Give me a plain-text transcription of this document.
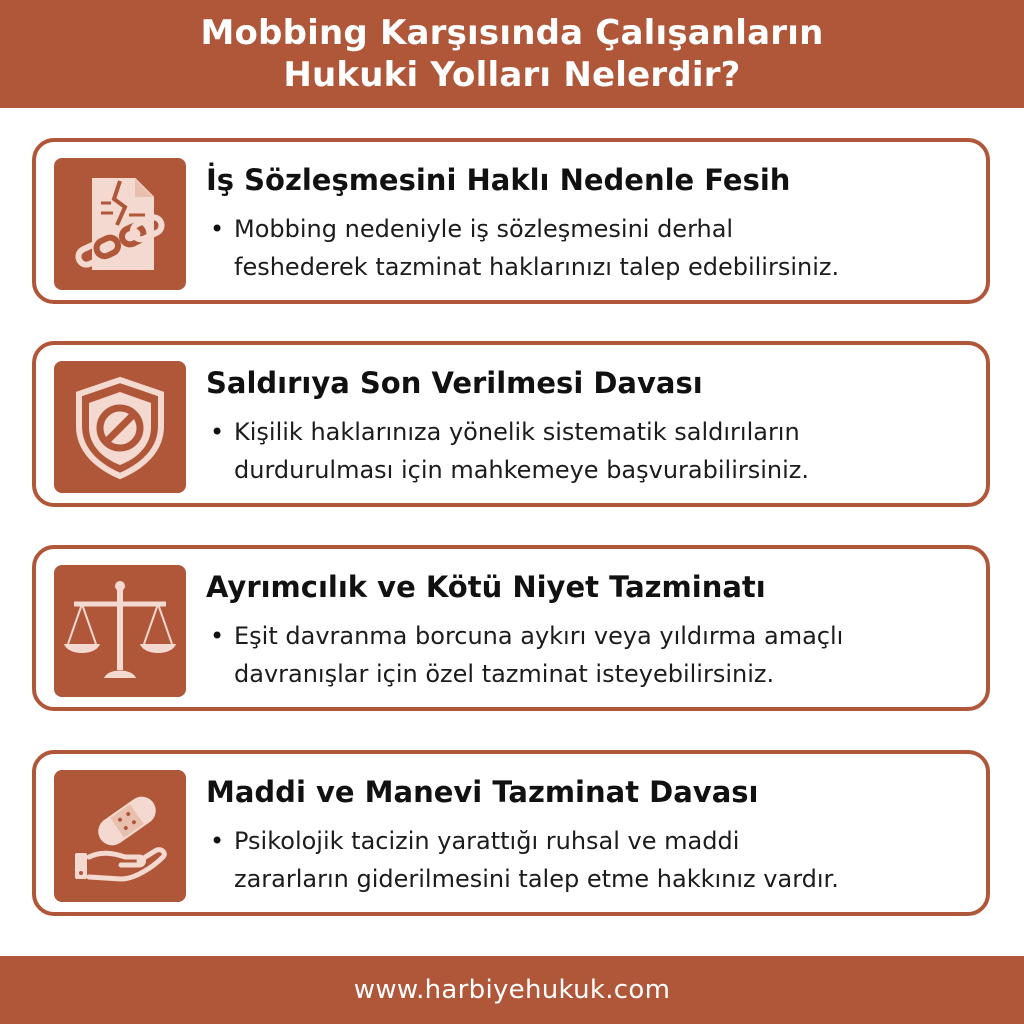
Mobbing Karşısında Çalışanların
Hukuki Yolları Nelerdir?
İş Sözleşmesini Haklı Nedenle Fesih
• Mobbing nedeniyle iş sözleşmesini derhal
feshederek tazminat haklarınızı talep edebilirsiniz.
Saldırıya Son Verilmesi Davası
• Kişilik haklarınıza yönelik sistematik saldırıların
durdurulması için mahkemeye başvurabilirsiniz.
Ayrımcılık ve Kötü Niyet Tazminatı
• Eşit davranma borcuna aykırı veya yıldırma amaçlı
davranışlar için özel tazminat isteyebilirsiniz.
Maddi ve Manevi Tazminat Davası
• Psikolojik tacizin yarattığı ruhsal ve maddi
zararların giderilmesini talep etme hakkınız vardır.
www.harbiyehukuk.com
